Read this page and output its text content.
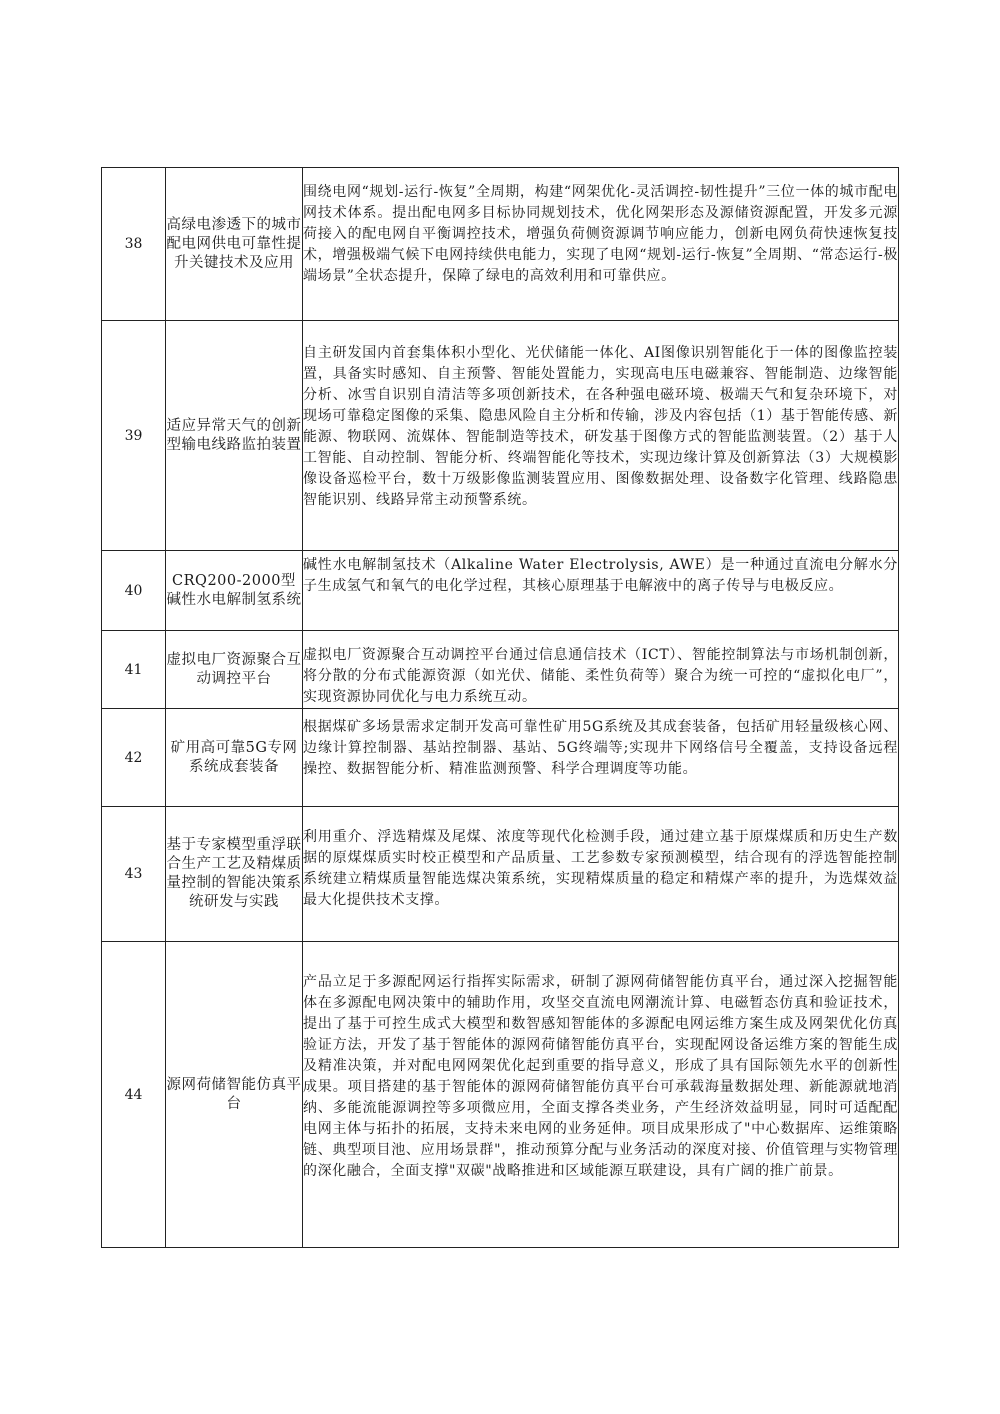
38	高绿电渗透下的城市配电网供电可靠性提升关键技术及应用	围绕电网“规划-运行-恢复”全周期，构建“网架优化-灵活调控-韧性提升”三位一体的城市配电网技术体系。提出配电网多目标协同规划技术，优化网架形态及源储资源配置，开发多元源荷接入的配电网自平衡调控技术，增强负荷侧资源调节响应能力，创新电网负荷快速恢复技术，增强极端气候下电网持续供电能力，实现了电网“规划-运行-恢复”全周期、“常态运行-极端场景”全状态提升，保障了绿电的高效利用和可靠供应。
39	适应异常天气的创新型输电线路监拍装置	自主研发国内首套集体积小型化、光伏储能一体化、AI图像识别智能化于一体的图像监控装置，具备实时感知、自主预警、智能处置能力，实现高电压电磁兼容、智能制造、边缘智能分析、冰雪自识别自清洁等多项创新技术，在各种强电磁环境、极端天气和复杂环境下，对现场可靠稳定图像的采集、隐患风险自主分析和传输，涉及内容包括（1）基于智能传感、新能源、物联网、流媒体、智能制造等技术，研发基于图像方式的智能监测装置。（2）基于人工智能、自动控制、智能分析、终端智能化等技术，实现边缘计算及创新算法（3）大规模影像设备巡检平台，数十万级影像监测装置应用、图像数据处理、设备数字化管理、线路隐患智能识别、线路异常主动预警系统。
40	CRQ200-2000型碱性水电解制氢系统	碱性水电解制氢技术（Alkaline Water Electrolysis, AWE）是一种通过直流电分解水分子生成氢气和氧气的电化学过程，其核心原理基于电解液中的离子传导与电极反应。
41	虚拟电厂资源聚合互动调控平台	虚拟电厂资源聚合互动调控平台通过信息通信技术（ICT）、智能控制算法与市场机制创新，将分散的分布式能源资源（如光伏、储能、柔性负荷等）聚合为统一可控的“虚拟化电厂”，实现资源协同优化与电力系统互动。
42	矿用高可靠5G专网系统成套装备	根据煤矿多场景需求定制开发高可靠性矿用5G系统及其成套装备，包括矿用轻量级核心网、边缘计算控制器、基站控制器、基站、5G终端等;实现井下网络信号全覆盖，支持设备远程操控、数据智能分析、精准监测预警、科学合理调度等功能。
43	基于专家模型重浮联合生产工艺及精煤质量控制的智能决策系统研发与实践	利用重介、浮选精煤及尾煤、浓度等现代化检测手段，通过建立基于原煤煤质和历史生产数据的原煤煤质实时校正模型和产品质量、工艺参数专家预测模型，结合现有的浮选智能控制系统建立精煤质量智能选煤决策系统，实现精煤质量的稳定和精煤产率的提升，为选煤效益最大化提供技术支撑。
44	源网荷储智能仿真平台	产品立足于多源配网运行指挥实际需求，研制了源网荷储智能仿真平台，通过深入挖掘智能体在多源配电网决策中的辅助作用，攻坚交直流电网潮流计算、电磁暂态仿真和验证技术，提出了基于可控生成式大模型和数智感知智能体的多源配电网运维方案生成及网架优化仿真验证方法，开发了基于智能体的源网荷储智能仿真平台，实现配网设备运维方案的智能生成及精准决策，并对配电网网架优化起到重要的指导意义，形成了具有国际领先水平的创新性成果。项目搭建的基于智能体的源网荷储智能仿真平台可承载海量数据处理、新能源就地消纳、多能流能源调控等多项微应用，全面支撑各类业务，产生经济效益明显，同时可适配配电网主体与拓扑的拓展，支持未来电网的业务延伸。项目成果形成了"中心数据库、运维策略链、典型项目池、应用场景群"，推动预算分配与业务活动的深度对接、价值管理与实物管理的深化融合，全面支撑"双碳"战略推进和区域能源互联建设，具有广阔的推广前景。
